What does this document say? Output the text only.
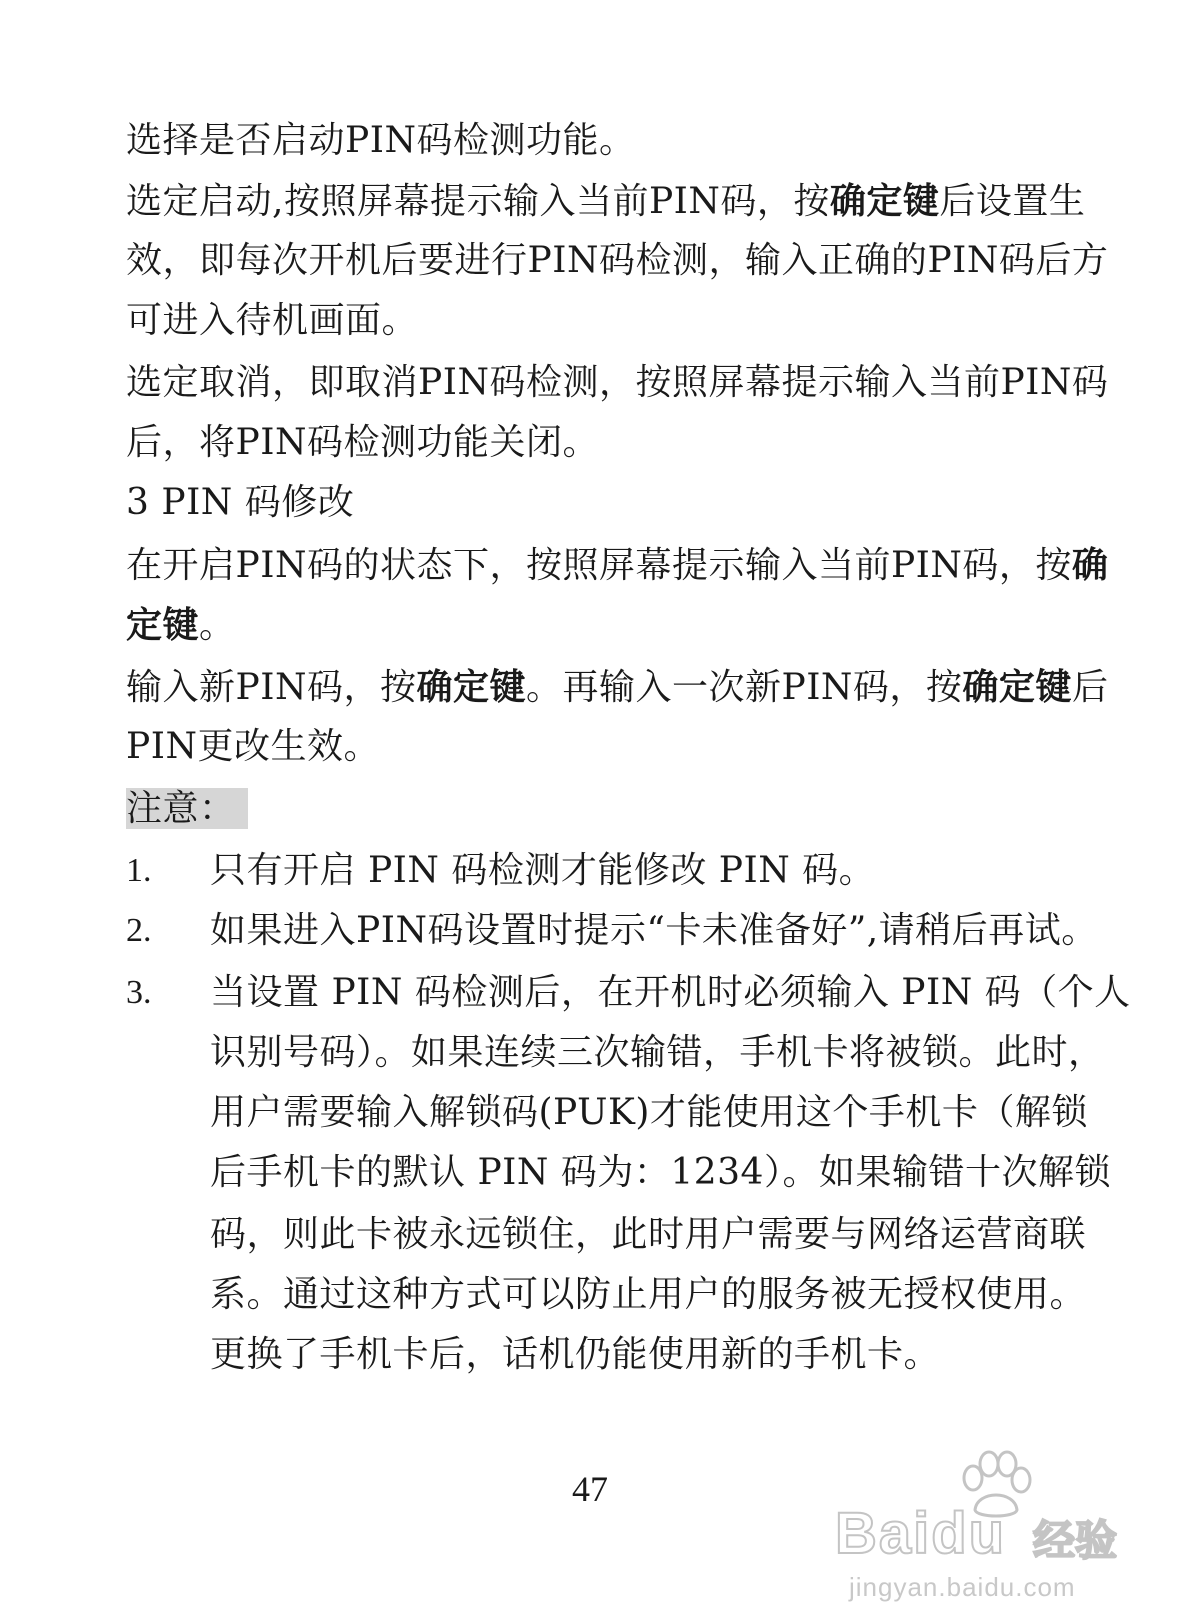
选择是否启动PIN码检测功能。
选定启动,按照屏幕提示输入当前PIN码，按确定键后设置生
效，即每次开机后要进行PIN码检测，输入正确的PIN码后方
可进入待机画面。
选定取消，即取消PIN码检测，按照屏幕提示输入当前PIN码
后，将PIN码检测功能关闭。
3 PIN 码修改
在开启PIN码的状态下，按照屏幕提示输入当前PIN码，按确
定键。
输入新PIN码，按确定键。再输入一次新PIN码，按确定键后
PIN更改生效。
注意：
1. 只有开启 PIN 码检测才能修改 PIN 码。
2. 如果进入PIN码设置时提示“卡未准备好”,请稍后再试。
3. 当设置 PIN 码检测后，在开机时必须输入 PIN 码（个人
识别号码）。如果连续三次输错，手机卡将被锁。此时，
用户需要输入解锁码(PUK)才能使用这个手机卡（解锁
后手机卡的默认 PIN 码为：1234）。如果输错十次解锁
码，则此卡被永远锁住，此时用户需要与网络运营商联
系。通过这种方式可以防止用户的服务被无授权使用。
更换了手机卡后，话机仍能使用新的手机卡。
47
Baidu 经验
jingyan.baidu.com
